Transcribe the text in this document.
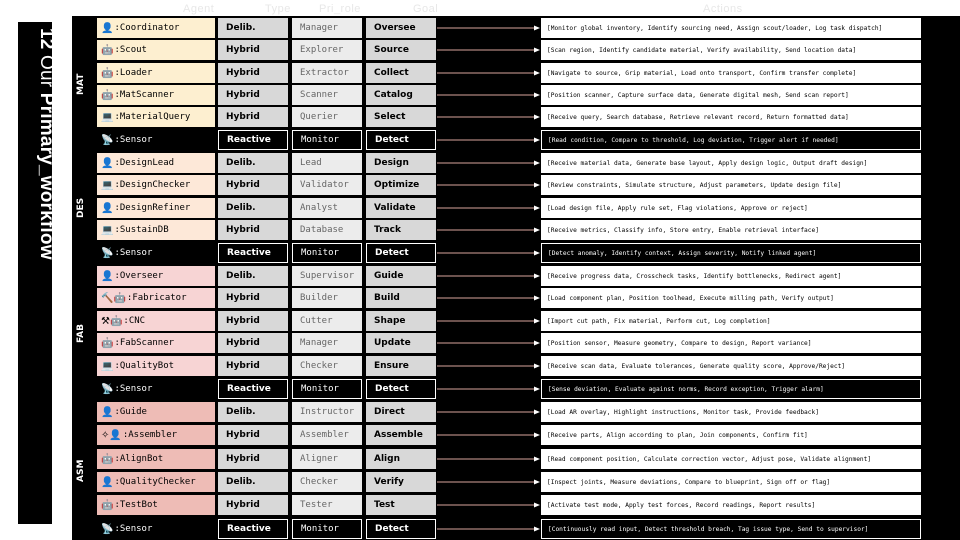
12 Our Primary_workflow
Agent	Type	Pri_role	Goal	Actions
MAT
DES
FAB
ASM
👤 :Coordinator	Delib.	Manager	Oversee	[Monitor global inventory, Identify sourcing need, Assign scout/loader, Log task dispatch]
🤖 :Scout	Hybrid	Explorer	Source	[Scan region, Identify candidate material, Verify availability, Send location data]
🤖 :Loader	Hybrid	Extractor	Collect	[Navigate to source, Grip material, Load onto transport, Confirm transfer complete]
🤖 :MatScanner	Hybrid	Scanner	Catalog	[Position scanner, Capture surface data, Generate digital mesh, Send scan report]
💻 :MaterialQuery	Hybrid	Querier	Select	[Receive query, Search database, Retrieve relevant record, Return formatted data]
📡 :Sensor	Reactive	Monitor	Detect	[Read condition, Compare to threshold, Log deviation, Trigger alert if needed]
👤 :DesignLead	Delib.	Lead	Design	[Receive material data, Generate base layout, Apply design logic, Output draft design]
💻 :DesignChecker	Hybrid	Validator	Optimize	[Review constraints, Simulate structure, Adjust parameters, Update design file]
👤 :DesignRefiner	Delib.	Analyst	Validate	[Load design file, Apply rule set, Flag violations, Approve or reject]
💻 :SustainDB	Hybrid	Database	Track	[Receive metrics, Classify info, Store entry, Enable retrieval interface]
📡 :Sensor	Reactive	Monitor	Detect	[Detect anomaly, Identify context, Assign severity, Notify linked agent]
👤 :Overseer	Delib.	Supervisor	Guide	[Receive progress data, Crosscheck tasks, Identify bottlenecks, Redirect agent]
🔨🤖 :Fabricator	Hybrid	Builder	Build	[Load component plan, Position toolhead, Execute milling path, Verify output]
⚒🤖 :CNC	Hybrid	Cutter	Shape	[Import cut path, Fix material, Perform cut, Log completion]
🤖 :FabScanner	Hybrid	Manager	Update	[Position sensor, Measure geometry, Compare to design, Report variance]
💻 :QualityBot	Hybrid	Checker	Ensure	[Receive scan data, Evaluate tolerances, Generate quality score, Approve/Reject]
📡 :Sensor	Reactive	Monitor	Detect	[Sense deviation, Evaluate against norms, Record exception, Trigger alarm]
👤 :Guide	Delib.	Instructor	Direct	[Load AR overlay, Highlight instructions, Monitor task, Provide feedback]
✧👤 :Assembler	Hybrid	Assembler	Assemble	[Receive parts, Align according to plan, Join components, Confirm fit]
🤖 :AlignBot	Hybrid	Aligner	Align	[Read component position, Calculate correction vector, Adjust pose, Validate alignment]
👤 :QualityChecker	Delib.	Checker	Verify	[Inspect joints, Measure deviations, Compare to blueprint, Sign off or flag]
🤖 :TestBot	Hybrid	Tester	Test	[Activate test mode, Apply test forces, Record readings, Report results]
📡 :Sensor	Reactive	Monitor	Detect	[Continuously read input, Detect threshold breach, Tag issue type, Send to supervisor]
